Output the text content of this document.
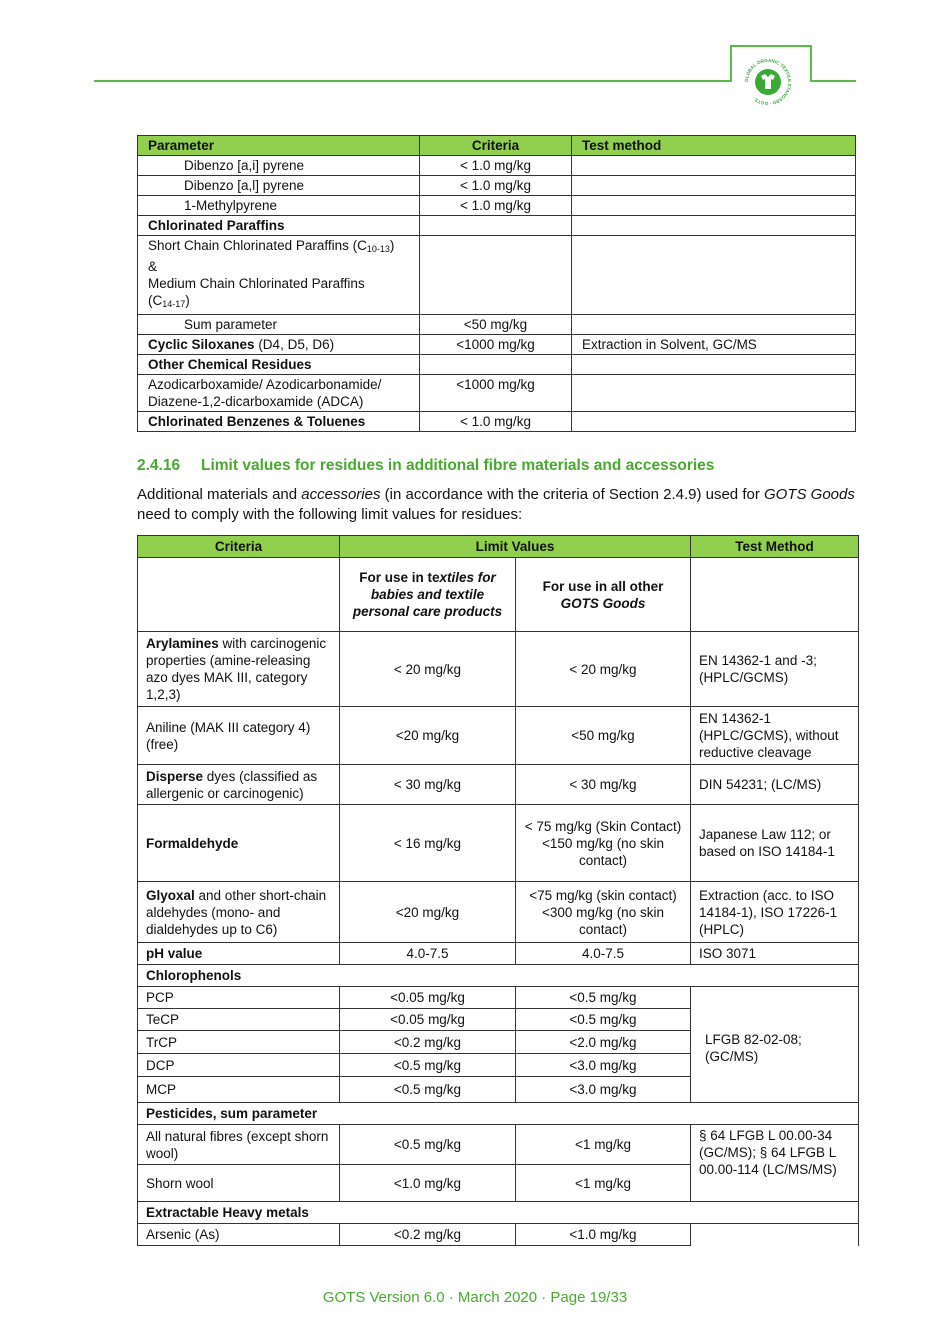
GLOBAL ORGANIC TEXTILE STANDARD · GOTS ·
Parameter	Criteria	Test method
Dibenzo [a,i] pyrene	< 1.0 mg/kg	
Dibenzo [a,l] pyrene	< 1.0 mg/kg	
1-Methylpyrene	< 1.0 mg/kg	
Chlorinated Paraffins		

Short Chain Chlorinated Paraffins $(C_{10-13})$
&
Medium Chain Chlorinated Paraffins
$(C_{14-17})$		

Sum parameter	<50 mg/kg	
Cyclic Siloxanes (D4, D5, D6)	<1000 mg/kg	Extraction in Solvent, GC/MS
Other Chemical Residues		

Azodicarboxamide/ Azodicarbonamide/
Diazene-1,2-dicarboxamide (ADCA)	<1000 mg/kg	
Chlorinated Benzenes & Toluenes	< 1.0 mg/kg	
2.4.16 Limit values for residues in additional fibre materials and accessories
Additional materials and accessories (in accordance with the criteria of Section 2.4.9) used for GOTS Goods need to comply with the following limit values for residues:
Criteria	Limit Values		Test Method
	For use in textiles for babies and textile personal care products	For use in all other
GOTS Goods	
Arylamines with carcinogenic properties (amine-releasing azo dyes MAK III, category 1,2,3)	< 20 mg/kg	< 20 mg/kg	EN 14362-1 and -3; (HPLC/GCMS)
Aniline (MAK III category 4) (free)	<20 mg/kg	<50 mg/kg	EN 14362-1 (HPLC/GCMS), without reductive cleavage
Disperse dyes (classified as allergenic or carcinogenic)	< 30 mg/kg	< 30 mg/kg	DIN 54231; (LC/MS)
Formaldehyde	< 16 mg/kg	< 75 mg/kg (Skin Contact)
<150 mg/kg (no skin contact)	Japanese Law 112; or based on ISO 14184-1
Glyoxal and other short-chain aldehydes (mono- and dialdehydes up to C6)	<20 mg/kg	<75 mg/kg (skin contact)
<300 mg/kg (no skin contact)	Extraction (acc. to ISO 14184-1), ISO 17226-1 (HPLC)
pH value	4.0-7.5	4.0-7.5	ISO 3071
Chlorophenols			
PCP	<0.05 mg/kg	<0.5 mg/kg	LFGB 82-02-08; (GC/MS)

TeCP	<0.05 mg/kg	<0.5 mg/kg	
TrCP	<0.2 mg/kg	<2.0 mg/kg	
DCP	<0.5 mg/kg	<3.0 mg/kg	
MCP	<0.5 mg/kg	<3.0 mg/kg	
Pesticides, sum parameter			
All natural fibres (except shorn wool)	<0.5 mg/kg	<1 mg/kg	§ 64 LFGB L 00.00-34 (GC/MS); § 64 LFGB L 00.00-114 (LC/MS/MS)
Shorn wool	<1.0 mg/kg	<1 mg/kg	
Extractable Heavy metals			
Arsenic (As)	<0.2 mg/kg	<1.0 mg/kg	
GOTS Version 6.0 · March 2020 · Page 19/33
